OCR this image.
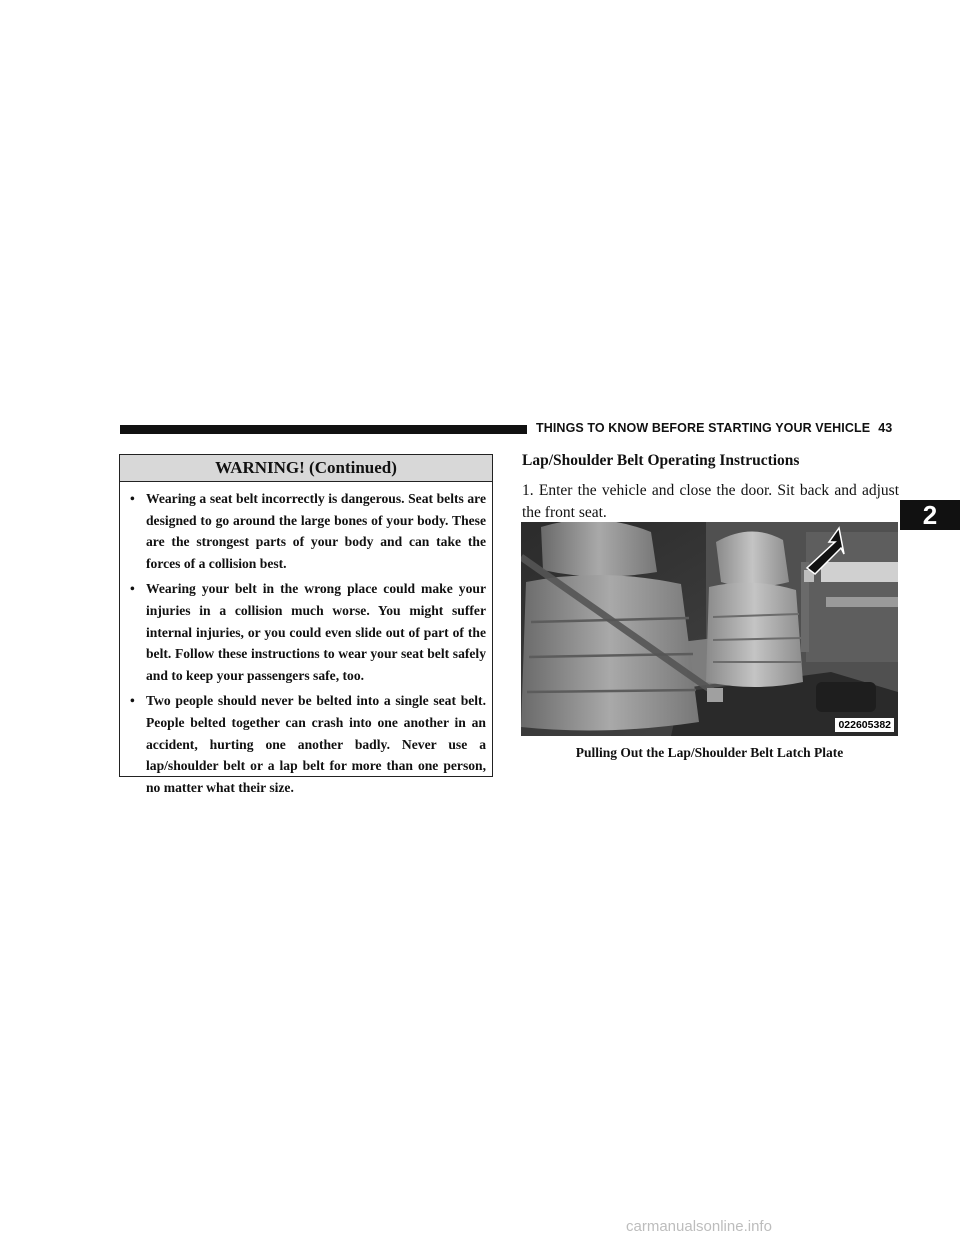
THINGS TO KNOW BEFORE STARTING YOUR VEHICLE 43
2
WARNING! (Continued)
• Wearing a seat belt incorrectly is dangerous. Seat belts are designed to go around the large bones of your body. These are the strongest parts of your body and can take the forces of a collision best.
• Wearing your belt in the wrong place could make your injuries in a collision much worse. You might suffer internal injuries, or you could even slide out of part of the belt. Follow these instructions to wear your seat belt safely and to keep your passengers safe, too.
• Two people should never be belted into a single seat belt. People belted together can crash into one another in an accident, hurting one another badly. Never use a lap/shoulder belt or a lap belt for more than one person, no matter what their size.
Lap/Shoulder Belt Operating Instructions

1. Enter the vehicle and close the door. Sit back and adjust the front seat.

022605382
Pulling Out the Lap/Shoulder Belt Latch Plate
carmanualsonline.info
